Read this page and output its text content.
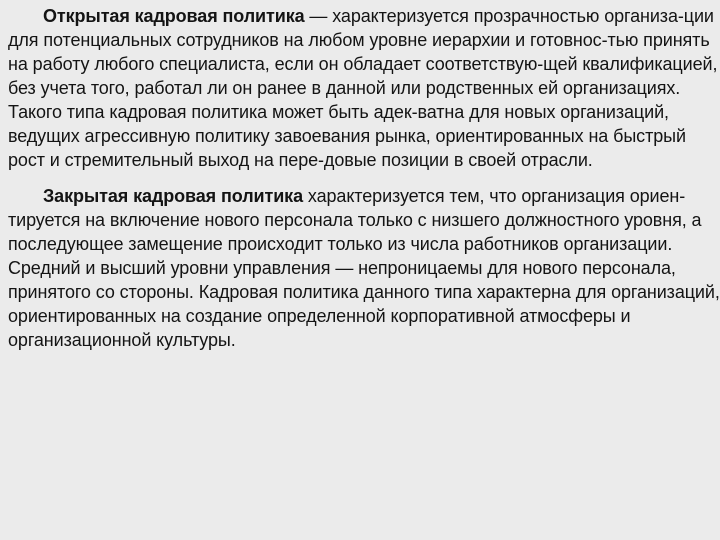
Открытая кадровая политика — характеризуется прозрачностью организа-ции для потенциальных сотрудников на любом уровне иерархии и готовнос-тью принять на работу любого специалиста, если он обладает соответствую-щей квалификацией, без учета того, работал ли он ранее в данной или родственных ей организациях. Такого типа кадровая политика может быть адек-ватна для новых организаций, ведущих агрессивную политику завоевания рынка, ориентированных на быстрый рост и стремительный выход на пере-довые позиции в своей отрасли.

Закрытая кадровая политика характеризуется тем, что организация ориен-тируется на включение нового персонала только с низшего должностного уровня, а последующее замещение происходит только из числа работников организации. Средний и высший уровни управления — непроницаемы для нового персонала, принятого со стороны. Кадровая политика данного типа характерна для организаций, ориентированных на создание определенной корпоративной атмосферы и организационной культуры.
